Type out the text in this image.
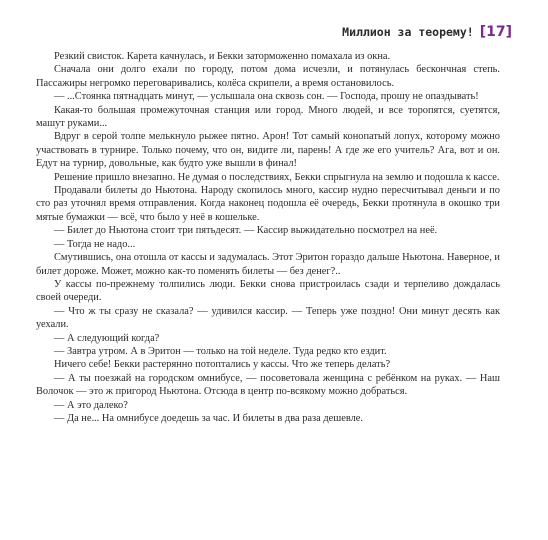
Миллион за теорему! [17]

Резкий свисток. Карета качнулась, и Бекки заторможенно помахала из окна.

Сначала они долго ехали по городу, потом дома исчезли, и потянулась бескончная степь. Пассажиры негромко переговаривались, колёса скрипели, а время остановилось.

— ...Стоянка пятнадцать минут, — услышала она сквозь сон. — Господа, прошу не опаздывать!

Какая-то большая промежуточная станция или город. Много людей, и все торопятся, суетятся, машут руками...

Вдруг в серой толпе мелькнуло рыжее пятно. Арон! Тот самый конопатый лопух, которому можно участвовать в турнире. Только почему, что он, видите ли, парень! А где же его учитель? Ага, вот и он. Едут на турнир, довольные, как будто уже вышли в финал!

Решение пришло внезапно. Не думая о последствиях, Бекки спрыгнула на землю и подошла к кассе.

Продавали билеты до Ньютона. Народу скопилось много, кассир нудно пересчитывал деньги и по сто раз уточнял время отправления. Когда наконец подошла её очередь, Бекки протянула в окошко три мятые бумажки — всё, что было у неё в кошельке.

— Билет до Ньютона стоит три пятьдесят. — Кассир выжидательно посмотрел на неё.

— Тогда не надо...

Смутившись, она отошла от кассы и задумалась. Этот Эритон гораздо дальше Ньютона. Наверное, и билет дороже. Может, можно как-то поменять билеты — без денег?..

У кассы по-прежнему толпились люди. Бекки снова пристроилась сзади и терпеливо дождалась своей очереди.

— Что ж ты сразу не сказала? — удивился кассир. — Теперь уже поздно! Они минут десять как уехали.

— А следующий когда?

— Завтра утром. А в Эритон — только на той неделе. Туда редко кто ездит.

Ничего себе! Бекки растерянно потоптались у кассы. Что же теперь делать?

— А ты поезжай на городском омнибусе, — посоветовала женщина с ребёнком на руках. — Наш Волочок — это ж пригород Ньютона. Отсюда в центр по-всякому можно добраться.

— А это далеко?

— Да не... На омнибусе доедешь за час. И билеты в два раза дешевле.
